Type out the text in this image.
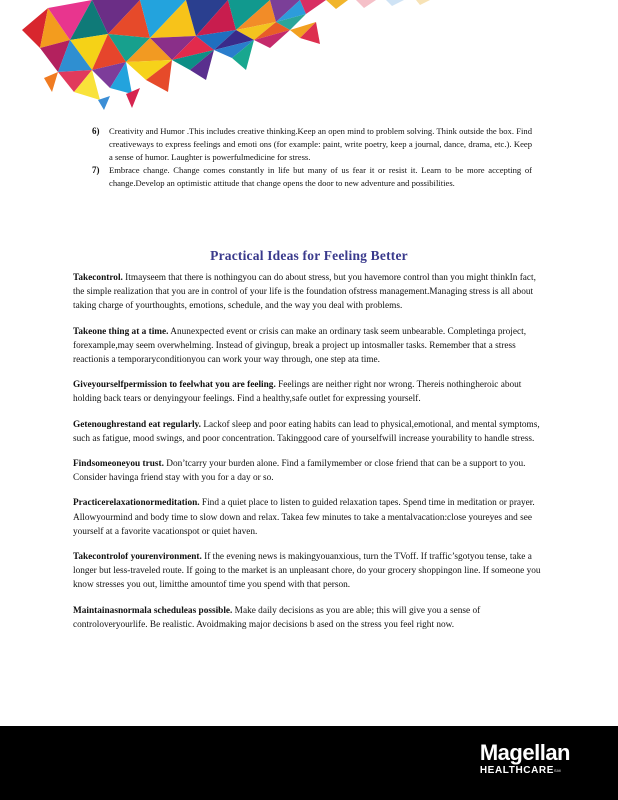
6) Creativity and Humor .This includes creative thinking.Keep an open mind to problem solving. Think outside the box. Find creativeways to express feelings and emoti ons (for example: paint, write poetry, keep a journal, dance, drama, etc.). Keep a sense of humor. Laughter is powerfulmedicine for stress.
7) Embrace change. Change comes constantly in life but many of us fear it or resist it. Learn to be more accepting of change.Develop an optimistic attitude that change opens the door to new adventure and possibilities.
Practical Ideas for Feeling Better

Takecontrol. Itmayseem that there is nothingyou can do about stress, but you havemore control than you might thinkIn fact, the simple realization that you are in control of your life is the foundation ofstress management.Managing stress is all about taking charge of yourthoughts, emotions, schedule, and the way you deal with problems.

Takeone thing at a time. Anunexpected event or crisis can make an ordinary task seem unbearable. Completinga project, forexample,may seem overwhelming. Instead of givingup, break a project up intosmaller tasks. Remember that a stress reactionis a temporaryconditionyou can work your way through, one step ata time.

Giveyourselfpermission to feelwhat you are feeling. Feelings are neither right nor wrong. Thereis nothingheroic about holding back tears or denyingyour feelings. Find a healthy,safe outlet for expressing yourself.

Getenoughrestand eat regularly. Lackof sleep and poor eating habits can lead to physical,emotional, and mental symptoms, such as fatigue, mood swings, and poor concentration. Takinggood care of yourselfwill increase yourability to handle stress.

Findsomeoneyou trust. Don’tcarry your burden alone. Find a familymember or close friend that can be a support to you. Consider havinga friend stay with you for a day or so.

Practicerelaxationormeditation. Find a quiet place to listen to guided relaxation tapes. Spend time in meditation or prayer. Allowyourmind and body time to slow down and relax. Takea few minutes to take a mentalvacation:close youreyes and see yourself at a favorite vacationspot or quiet haven.

Takecontrolof yourenvironment. If the evening news is makingyouanxious, turn the TVoff. If traffic’sgotyou tense, take a longer but less-traveled route. If going to the market is an unpleasant chore, do your grocery shoppingon line. If someone you know stresses you out, limitthe amountof time you spend with that person.

Maintainasnormala scheduleas possible. Make daily decisions as you are able; this will give you a sense of controloveryourlife. Be realistic. Avoidmaking major decisions b ased on the stress you feel right now.

Magellan
HEALTHCARE℠
